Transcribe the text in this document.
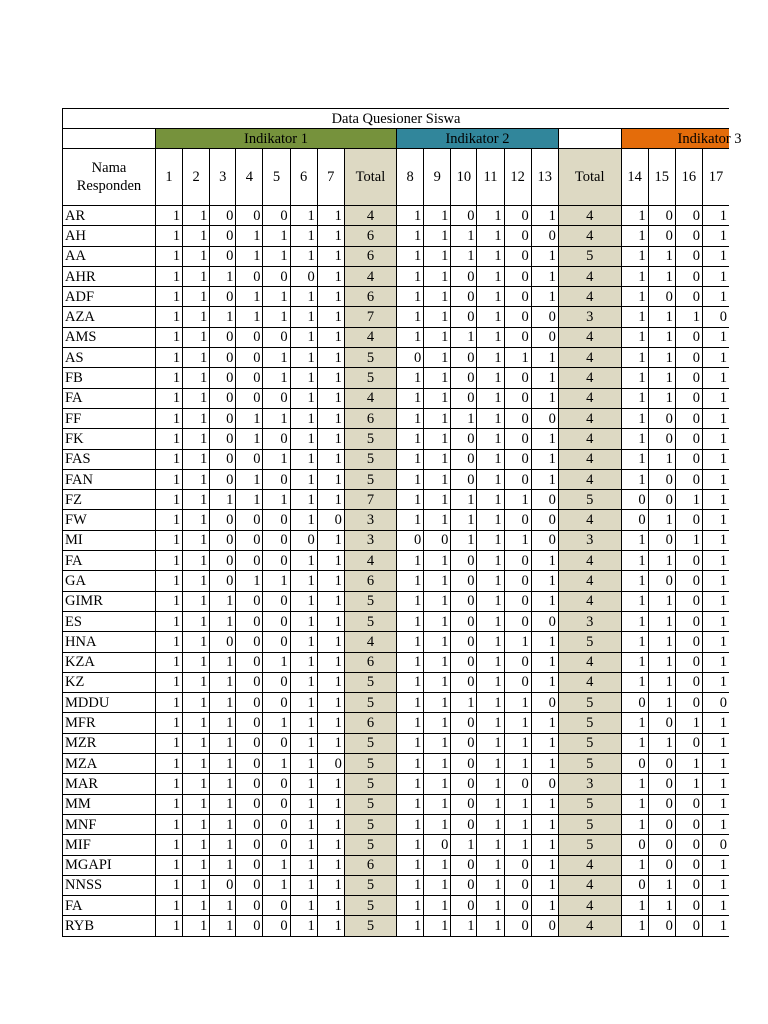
Data Quesioner Siswa																			
	Indikator 1								Indikator 2							Indikator 3			
Nama Responden	1	2	3	4	5	6	7	Total	8	9	10	11	12	13	Total	14	15	16	17
AR	1	1	0	0	0	1	1	4	1	1	0	1	0	1	4	1	0	0	1
AH	1	1	0	1	1	1	1	6	1	1	1	1	0	0	4	1	0	0	1
AA	1	1	0	1	1	1	1	6	1	1	1	1	0	1	5	1	1	0	1
AHR	1	1	1	0	0	0	1	4	1	1	0	1	0	1	4	1	1	0	1
ADF	1	1	0	1	1	1	1	6	1	1	0	1	0	1	4	1	0	0	1
AZA	1	1	1	1	1	1	1	7	1	1	0	1	0	0	3	1	1	1	0
AMS	1	1	0	0	0	1	1	4	1	1	1	1	0	0	4	1	1	0	1
AS	1	1	0	0	1	1	1	5	0	1	0	1	1	1	4	1	1	0	1
FB	1	1	0	0	1	1	1	5	1	1	0	1	0	1	4	1	1	0	1
FA	1	1	0	0	0	1	1	4	1	1	0	1	0	1	4	1	1	0	1
FF	1	1	0	1	1	1	1	6	1	1	1	1	0	0	4	1	0	0	1
FK	1	1	0	1	0	1	1	5	1	1	0	1	0	1	4	1	0	0	1
FAS	1	1	0	0	1	1	1	5	1	1	0	1	0	1	4	1	1	0	1
FAN	1	1	0	1	0	1	1	5	1	1	0	1	0	1	4	1	0	0	1
FZ	1	1	1	1	1	1	1	7	1	1	1	1	1	0	5	0	0	1	1
FW	1	1	0	0	0	1	0	3	1	1	1	1	0	0	4	0	1	0	1
MI	1	1	0	0	0	0	1	3	0	0	1	1	1	0	3	1	0	1	1
FA	1	1	0	0	0	1	1	4	1	1	0	1	0	1	4	1	1	0	1
GA	1	1	0	1	1	1	1	6	1	1	0	1	0	1	4	1	0	0	1
GIMR	1	1	1	0	0	1	1	5	1	1	0	1	0	1	4	1	1	0	1
ES	1	1	1	0	0	1	1	5	1	1	0	1	0	0	3	1	1	0	1
HNA	1	1	0	0	0	1	1	4	1	1	0	1	1	1	5	1	1	0	1
KZA	1	1	1	0	1	1	1	6	1	1	0	1	0	1	4	1	1	0	1
KZ	1	1	1	0	0	1	1	5	1	1	0	1	0	1	4	1	1	0	1
MDDU	1	1	1	0	0	1	1	5	1	1	1	1	1	0	5	0	1	0	0
MFR	1	1	1	0	1	1	1	6	1	1	0	1	1	1	5	1	0	1	1
MZR	1	1	1	0	0	1	1	5	1	1	0	1	1	1	5	1	1	0	1
MZA	1	1	1	0	1	1	0	5	1	1	0	1	1	1	5	0	0	1	1
MAR	1	1	1	0	0	1	1	5	1	1	0	1	0	0	3	1	0	1	1
MM	1	1	1	0	0	1	1	5	1	1	0	1	1	1	5	1	0	0	1
MNF	1	1	1	0	0	1	1	5	1	1	0	1	1	1	5	1	0	0	1
MIF	1	1	1	0	0	1	1	5	1	0	1	1	1	1	5	0	0	0	0
MGAPI	1	1	1	0	1	1	1	6	1	1	0	1	0	1	4	1	0	0	1
NNSS	1	1	0	0	1	1	1	5	1	1	0	1	0	1	4	0	1	0	1
FA	1	1	1	0	0	1	1	5	1	1	0	1	0	1	4	1	1	0	1
RYB	1	1	1	0	0	1	1	5	1	1	1	1	0	0	4	1	0	0	1
